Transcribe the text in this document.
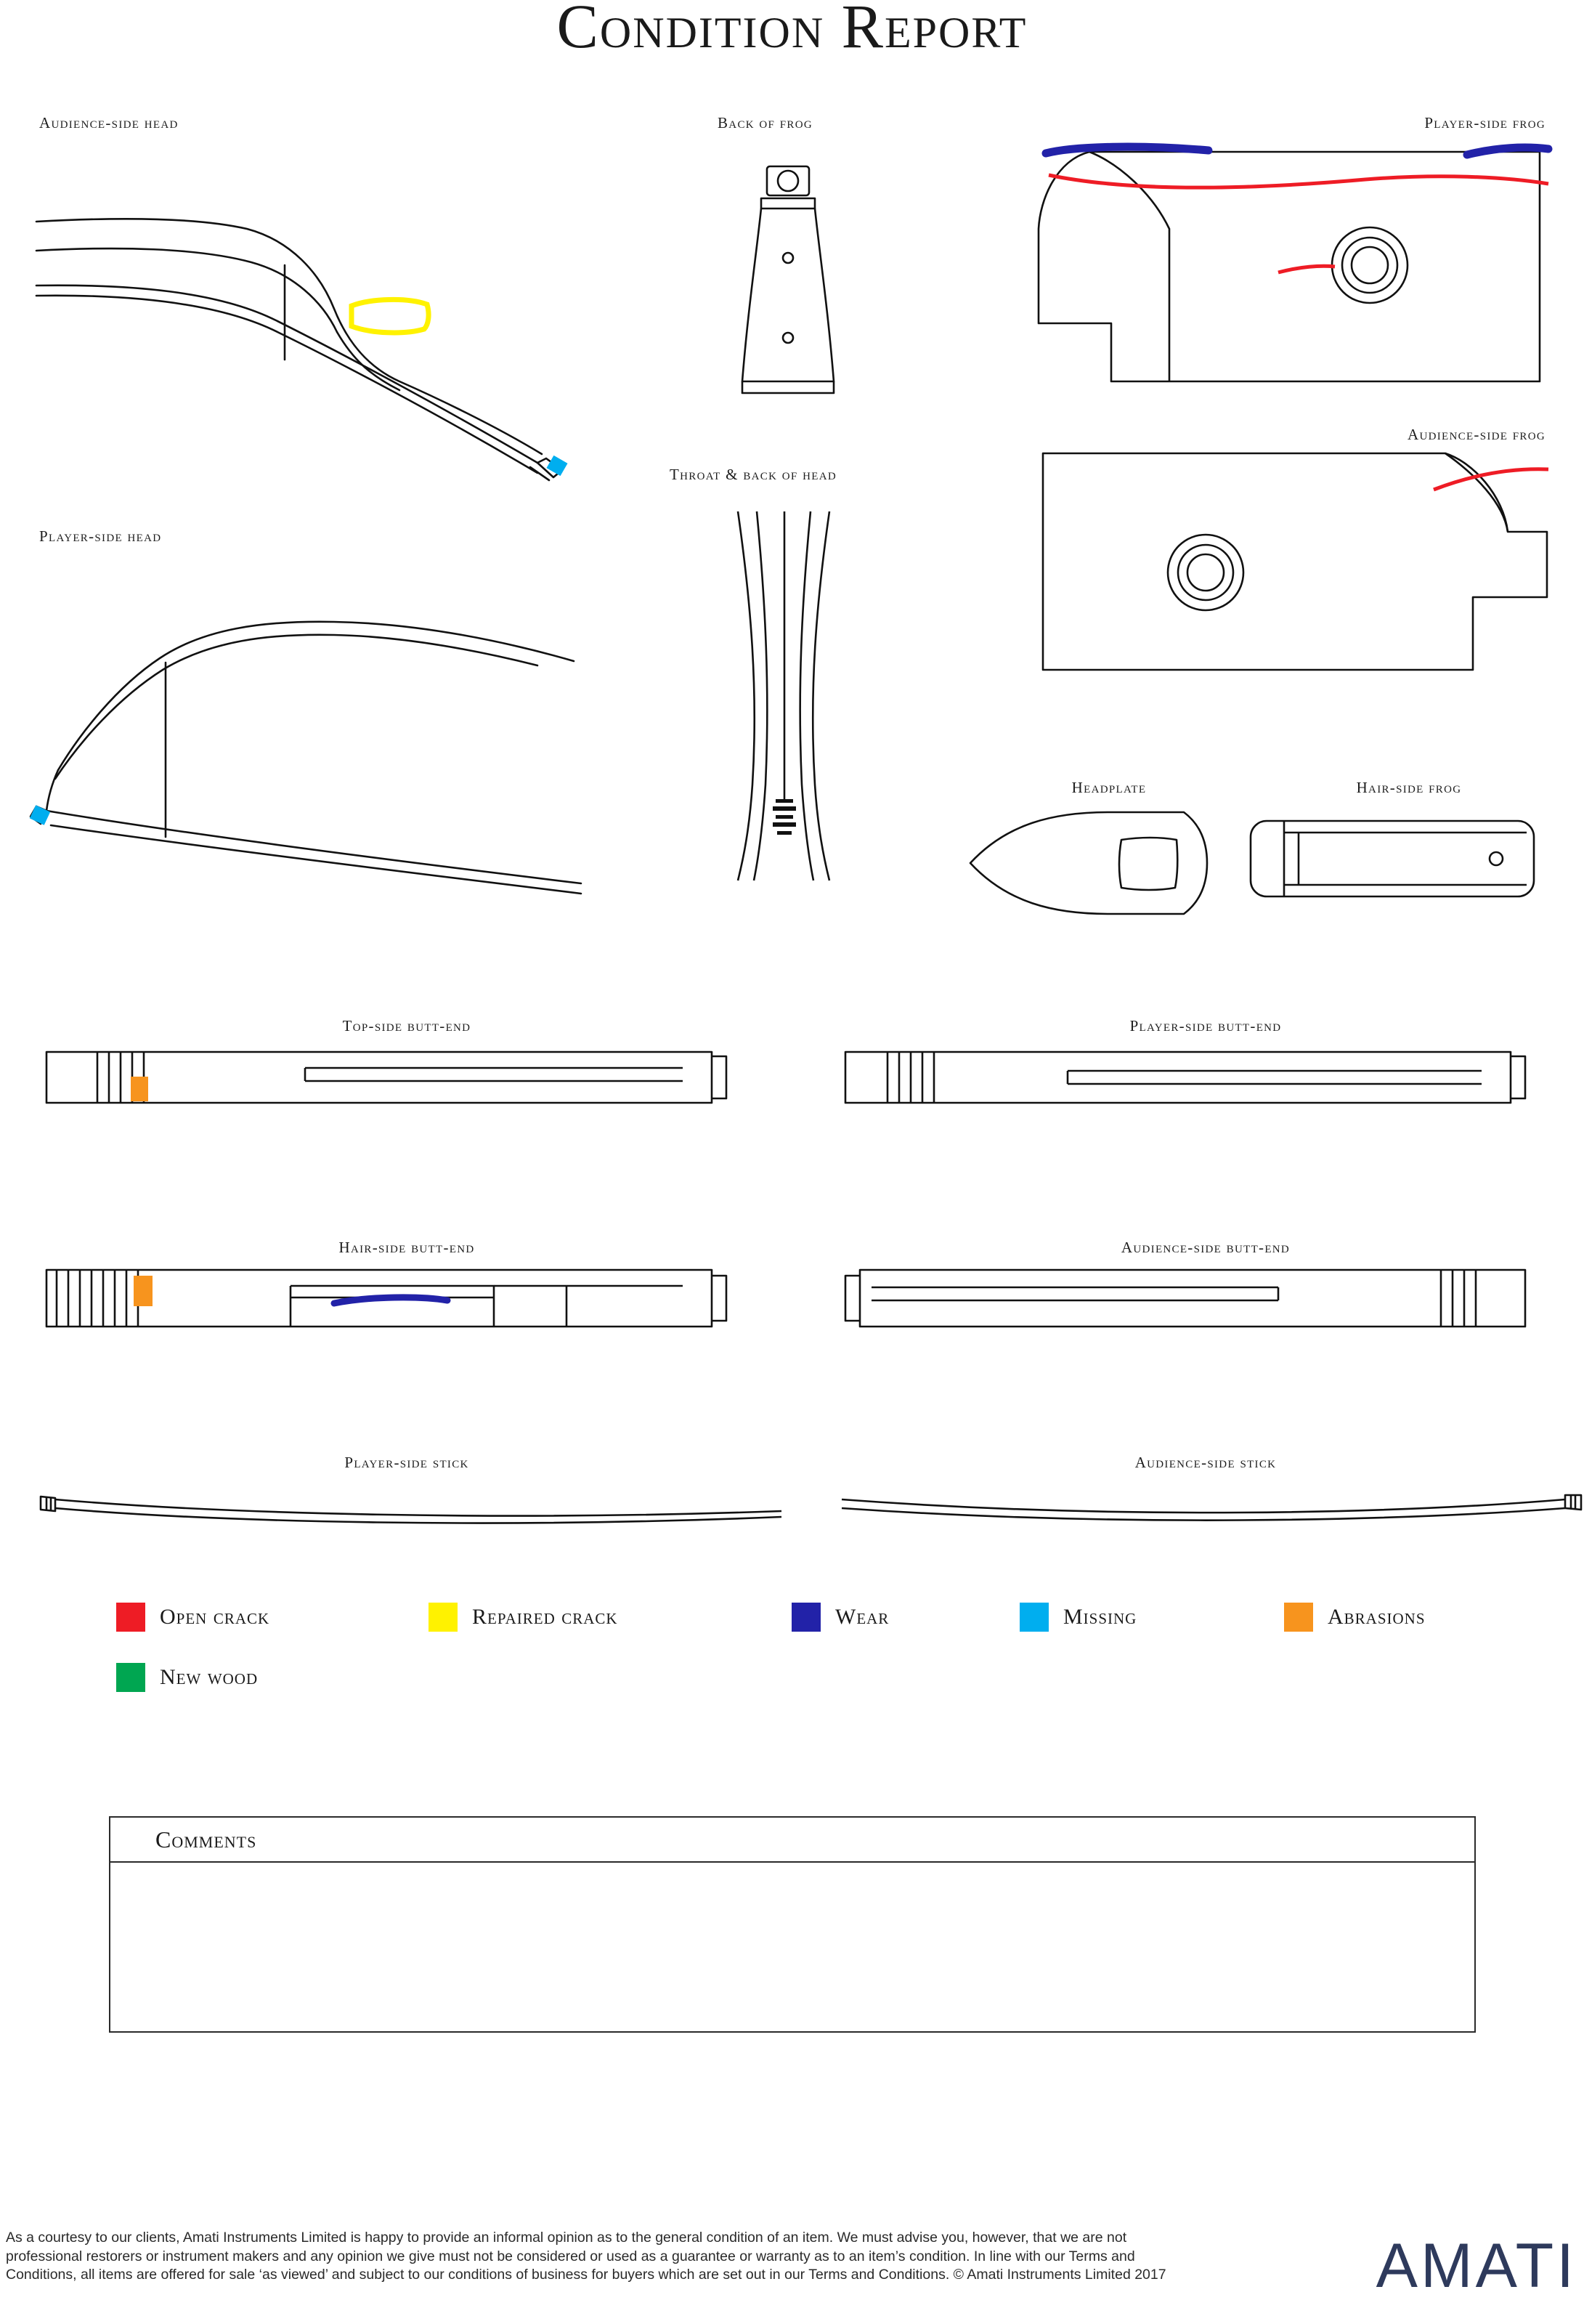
Condition Report
Audience-side head	Back of frog	Player-side frog
Audience-side frog
Player-side head
Throat & back of head
Headplate	Hair-side frog
Top-side butt-end	Player-side butt-end
Hair-side butt-end	Audience-side butt-end
Player-side stick	Audience-side stick
Open crack	Repaired crack	Wear	Missing	Abrasions
New wood
Comments
As a courtesy to our clients, Amati Instruments Limited is happy to provide an informal opinion as to the general condition of an item. We must advise you, however, that we are not professional restorers or instrument makers and any opinion we give must not be considered or used as a guarantee or warranty as to an item’s condition. In line with our Terms and Conditions, all items are offered for sale ‘as viewed’ and subject to our conditions of business for buyers which are set out in our Terms and Conditions. © Amati Instruments Limited 2017	AMATI
